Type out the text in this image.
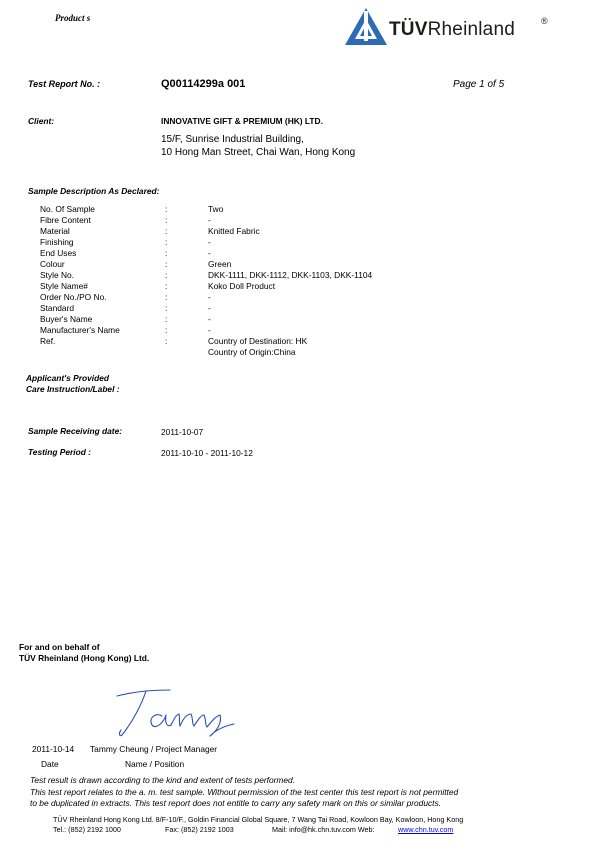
Product s
TÜVRheinland	®
Test Report No. :	Q00114299a 001	Page 1 of 5
Client:	INNOVATIVE GIFT & PREMIUM (HK) LTD.
15/F, Sunrise Industrial Building,
10 Hong Man Street, Chai Wan, Hong Kong
Sample Description As Declared:
No. Of Sample	:	Two
Fibre Content	:	-
Material	:	Knitted Fabric
Finishing	:	-
End Uses	:	-
Colour	:	Green
Style No.	:	DKK-1111, DKK-1112, DKK-1103, DKK-1104
Style Name#	:	Koko Doll Product
Order No./PO No.	:	-
Standard	:	-
Buyer's Name	:	-
Manufacturer's Name	:	-
Ref.	:	Country of Destination: HK
Country of Origin:China
Applicant's Provided
Care Instruction/Label :
Sample Receiving date:	2011-10-07
Testing Period :	2011-10-10 - 2011-10-12
For and on behalf of
TÜV Rheinland (Hong Kong) Ltd.
2011-10-14 Tammy Cheung / Project Manager
Date	Name / Position
Test result is drawn according to the kind and extent of tests performed.
This test report relates to the a. m. test sample. Without permission of the test center this test report is not permitted
to be duplicated in extracts. This test report does not entitle to carry any safety mark on this or similar products.
TÜV Rheinland Hong Kong Ltd. 8/F-10/F., Goldin Financial Global Square, 7 Wang Tai Road, Kowloon Bay, Kowloon, Hong Kong
Tel.: (852) 2192 1000	Fax: (852) 2192 1003	Mail: info@hk.chn.tuv.com Web:	www.chn.tuv.com
